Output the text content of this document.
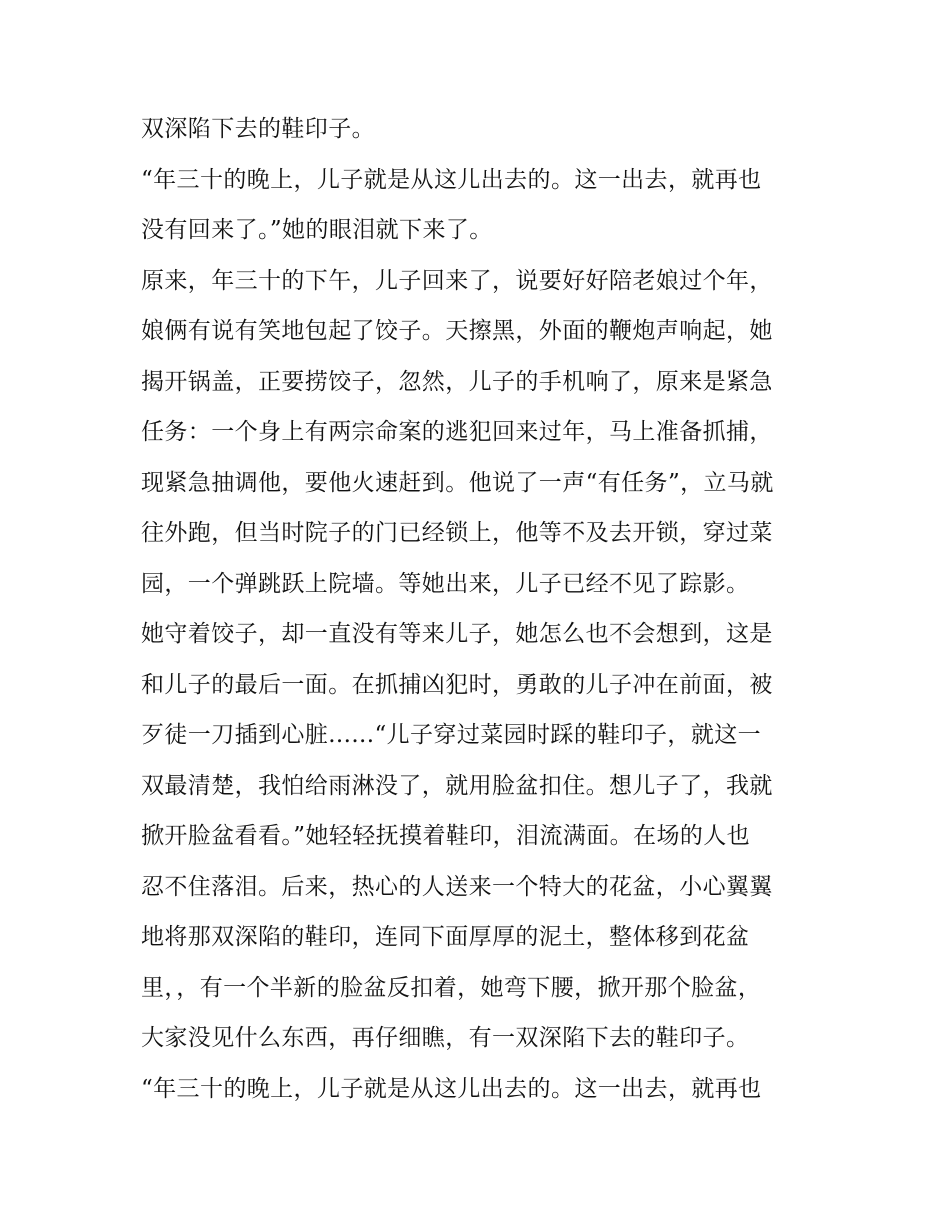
双深陷下去的鞋印子。
“年三十的晚上，儿子就是从这儿出去的。这一出去，就再也
没有回来了。”她的眼泪就下来了。
原来，年三十的下午，儿子回来了，说要好好陪老娘过个年，
娘俩有说有笑地包起了饺子。天擦黑，外面的鞭炮声响起，她
揭开锅盖，正要捞饺子，忽然，儿子的手机响了，原来是紧急
任务：一个身上有两宗命案的逃犯回来过年，马上准备抓捕，
现紧急抽调他，要他火速赶到。他说了一声“有任务”，立马就
往外跑，但当时院子的门已经锁上，他等不及去开锁，穿过菜
园，一个弹跳跃上院墙。等她出来，儿子已经不见了踪影。
她守着饺子，却一直没有等来儿子，她怎么也不会想到，这是
和儿子的最后一面。在抓捕凶犯时，勇敢的儿子冲在前面，被
歹徒一刀插到心脏......“儿子穿过菜园时踩的鞋印子，就这一
双最清楚，我怕给雨淋没了，就用脸盆扣住。想儿子了，我就
掀开脸盆看看。”她轻轻抚摸着鞋印，泪流满面。在场的人也
忍不住落泪。后来，热心的人送来一个特大的花盆，小心翼翼
地将那双深陷的鞋印，连同下面厚厚的泥土，整体移到花盆
里，，有一个半新的脸盆反扣着，她弯下腰，掀开那个脸盆，
大家没见什么东西，再仔细瞧，有一双深陷下去的鞋印子。
“年三十的晚上，儿子就是从这儿出去的。这一出去，就再也
